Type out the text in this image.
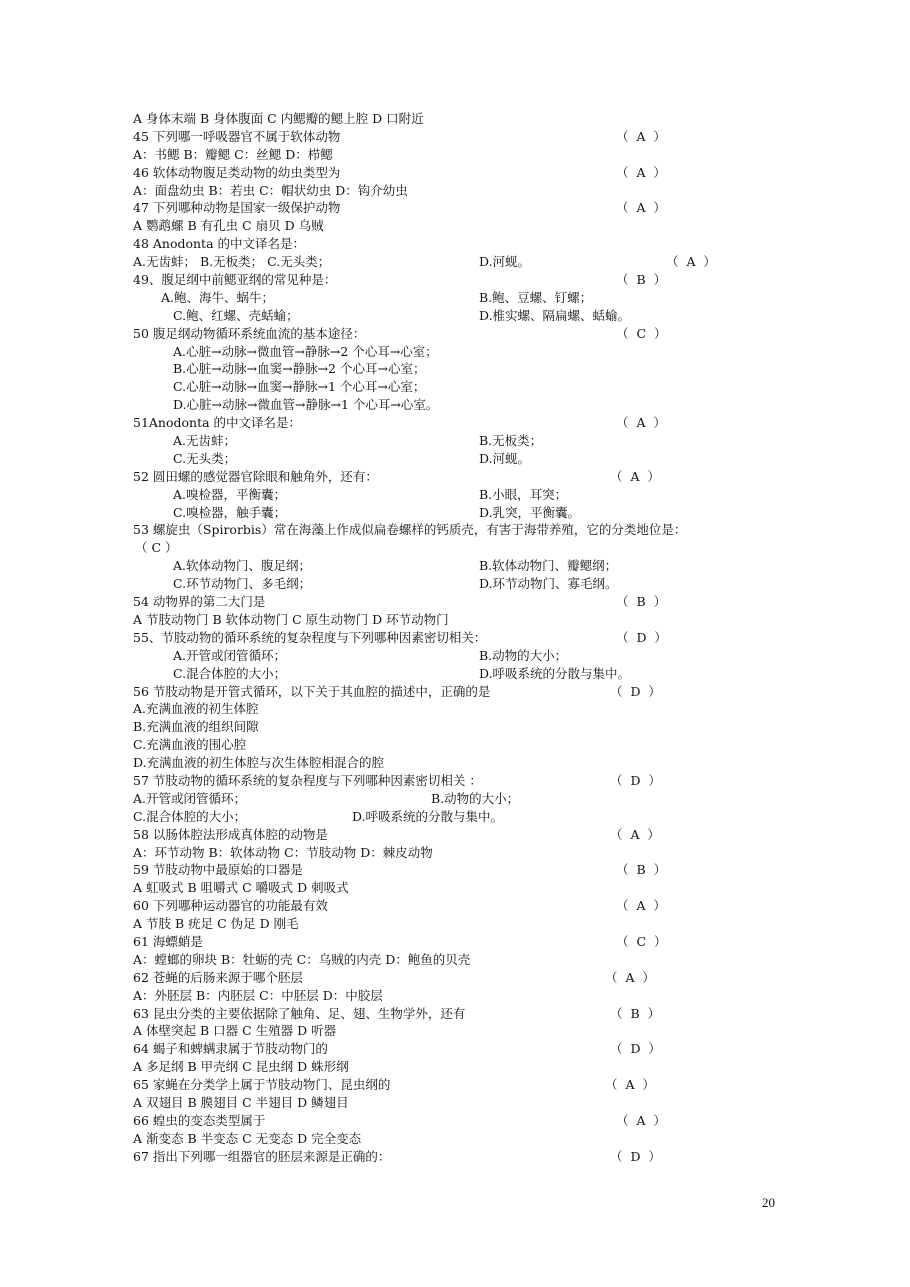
A 身体末端 B 身体腹面 C 内鳃瓣的鳃上腔 D 口附近
45 下列哪一呼吸器官不属于软体动物	（  A  ）
A：书鳃 B：瓣鳃 C：丝鳃 D：栉鳃
46 软体动物腹足类动物的幼虫类型为	（  A  ）
A：面盘幼虫 B：若虫 C：帽状幼虫 D：钩介幼虫
47 下列哪种动物是国家一级保护动物	（  A  ）
A 鹦鹉螺 B 有孔虫 C 扇贝 D 乌贼
48 Anodonta 的中文译名是：
A.无齿蚌； B.无板类； C.无头类；	D.河蚬。	（  A  ）
49、腹足纲中前鳃亚纲的常见种是：	（  B  ）
A.鲍、海牛、蜗牛；	B.鲍、豆螺、钉螺；
C.鲍、红螺、壳蛞蝓；	D.椎实螺、隔扁螺、蛞蝓。
50 腹足纲动物循环系统血流的基本途径：	（  C  ）
A.心脏→动脉→微血管→静脉→2 个心耳→心室；
B.心脏→动脉→血窦→静脉→2 个心耳→心室；
C.心脏→动脉→血窦→静脉→1 个心耳→心室；
D.心脏→动脉→微血管→静脉→1 个心耳→心室。
51Anodonta 的中文译名是：	（  A  ）
A.无齿蚌；	B.无板类；
C.无头类；	D.河蚬。
52 圆田螺的感觉器官除眼和触角外，还有：	（  A  ）
A.嗅检器，平衡囊；	B.小眼，耳突；
C.嗅检器，触手囊；	D.乳突，平衡囊。
53 螺旋虫（Spirorbis）常在海藻上作成似扁卷螺样的钙质壳，有害于海带养殖，它的分类地位是：
（ C ）
A.软体动物门、腹足纲；	B.软体动物门、瓣鳃纲；
C.环节动物门、多毛纲；	D.环节动物门、寡毛纲。
54 动物界的第二大门是	（  B  ）
A 节肢动物门 B 软体动物门 C 原生动物门 D 环节动物门
55、节肢动物的循环系统的复杂程度与下列哪种因素密切相关：	（  D  ）
A.开管或闭管循环；	B.动物的大小；
C.混合体腔的大小；	D.呼吸系统的分散与集中。
56 节肢动物是开管式循环，以下关于其血腔的描述中，正确的是	（  D  ）
A.充满血液的初生体腔
B.充满血液的组织间隙
C.充满血液的围心腔
D.充满血液的初生体腔与次生体腔相混合的腔
57 节肢动物的循环系统的复杂程度与下列哪种因素密切相关 ：	（  D  ）
A.开管或闭管循环；	B.动物的大小；
C.混合体腔的大小；	D.呼吸系统的分散与集中。
58 以肠体腔法形成真体腔的动物是	（  A  ）
A：环节动物 B：软体动物 C：节肢动物 D：棘皮动物
59 节肢动物中最原始的口器是	（  B  ）
A 虹吸式 B 咀嚼式 C 嚼吸式 D 刺吸式
60 下列哪种运动器官的功能最有效	（  A  ）
A 节肢 B 疣足 C 伪足 D 刚毛
61 海螵蛸是	（  C  ）
A：螳螂的卵块 B：牡蛎的壳 C：乌贼的内壳 D：鲍鱼的贝壳
62 苍蝇的后肠来源于哪个胚层	（  A  ）
A：外胚层 B：内胚层 C：中胚层 D：中胶层
63 昆虫分类的主要依据除了触角、足、翅、生物学外，还有	（  B  ）
A 体壁突起 B 口器 C 生殖器 D 听器
64 蝎子和蜱螨隶属于节肢动物门的	（  D  ）
A 多足纲 B 甲壳纲 C 昆虫纲 D 蛛形纲
65 家蝇在分类学上属于节肢动物门、昆虫纲的	（  A  ）
A 双翅目 B 膜翅目 C 半翅目 D 鳞翅目
66 蝗虫的变态类型属于	（  A  ）
A 渐变态 B 半变态 C 无变态 D 完全变态
67 指出下列哪一组器官的胚层来源是正确的：	（  D  ）
20
